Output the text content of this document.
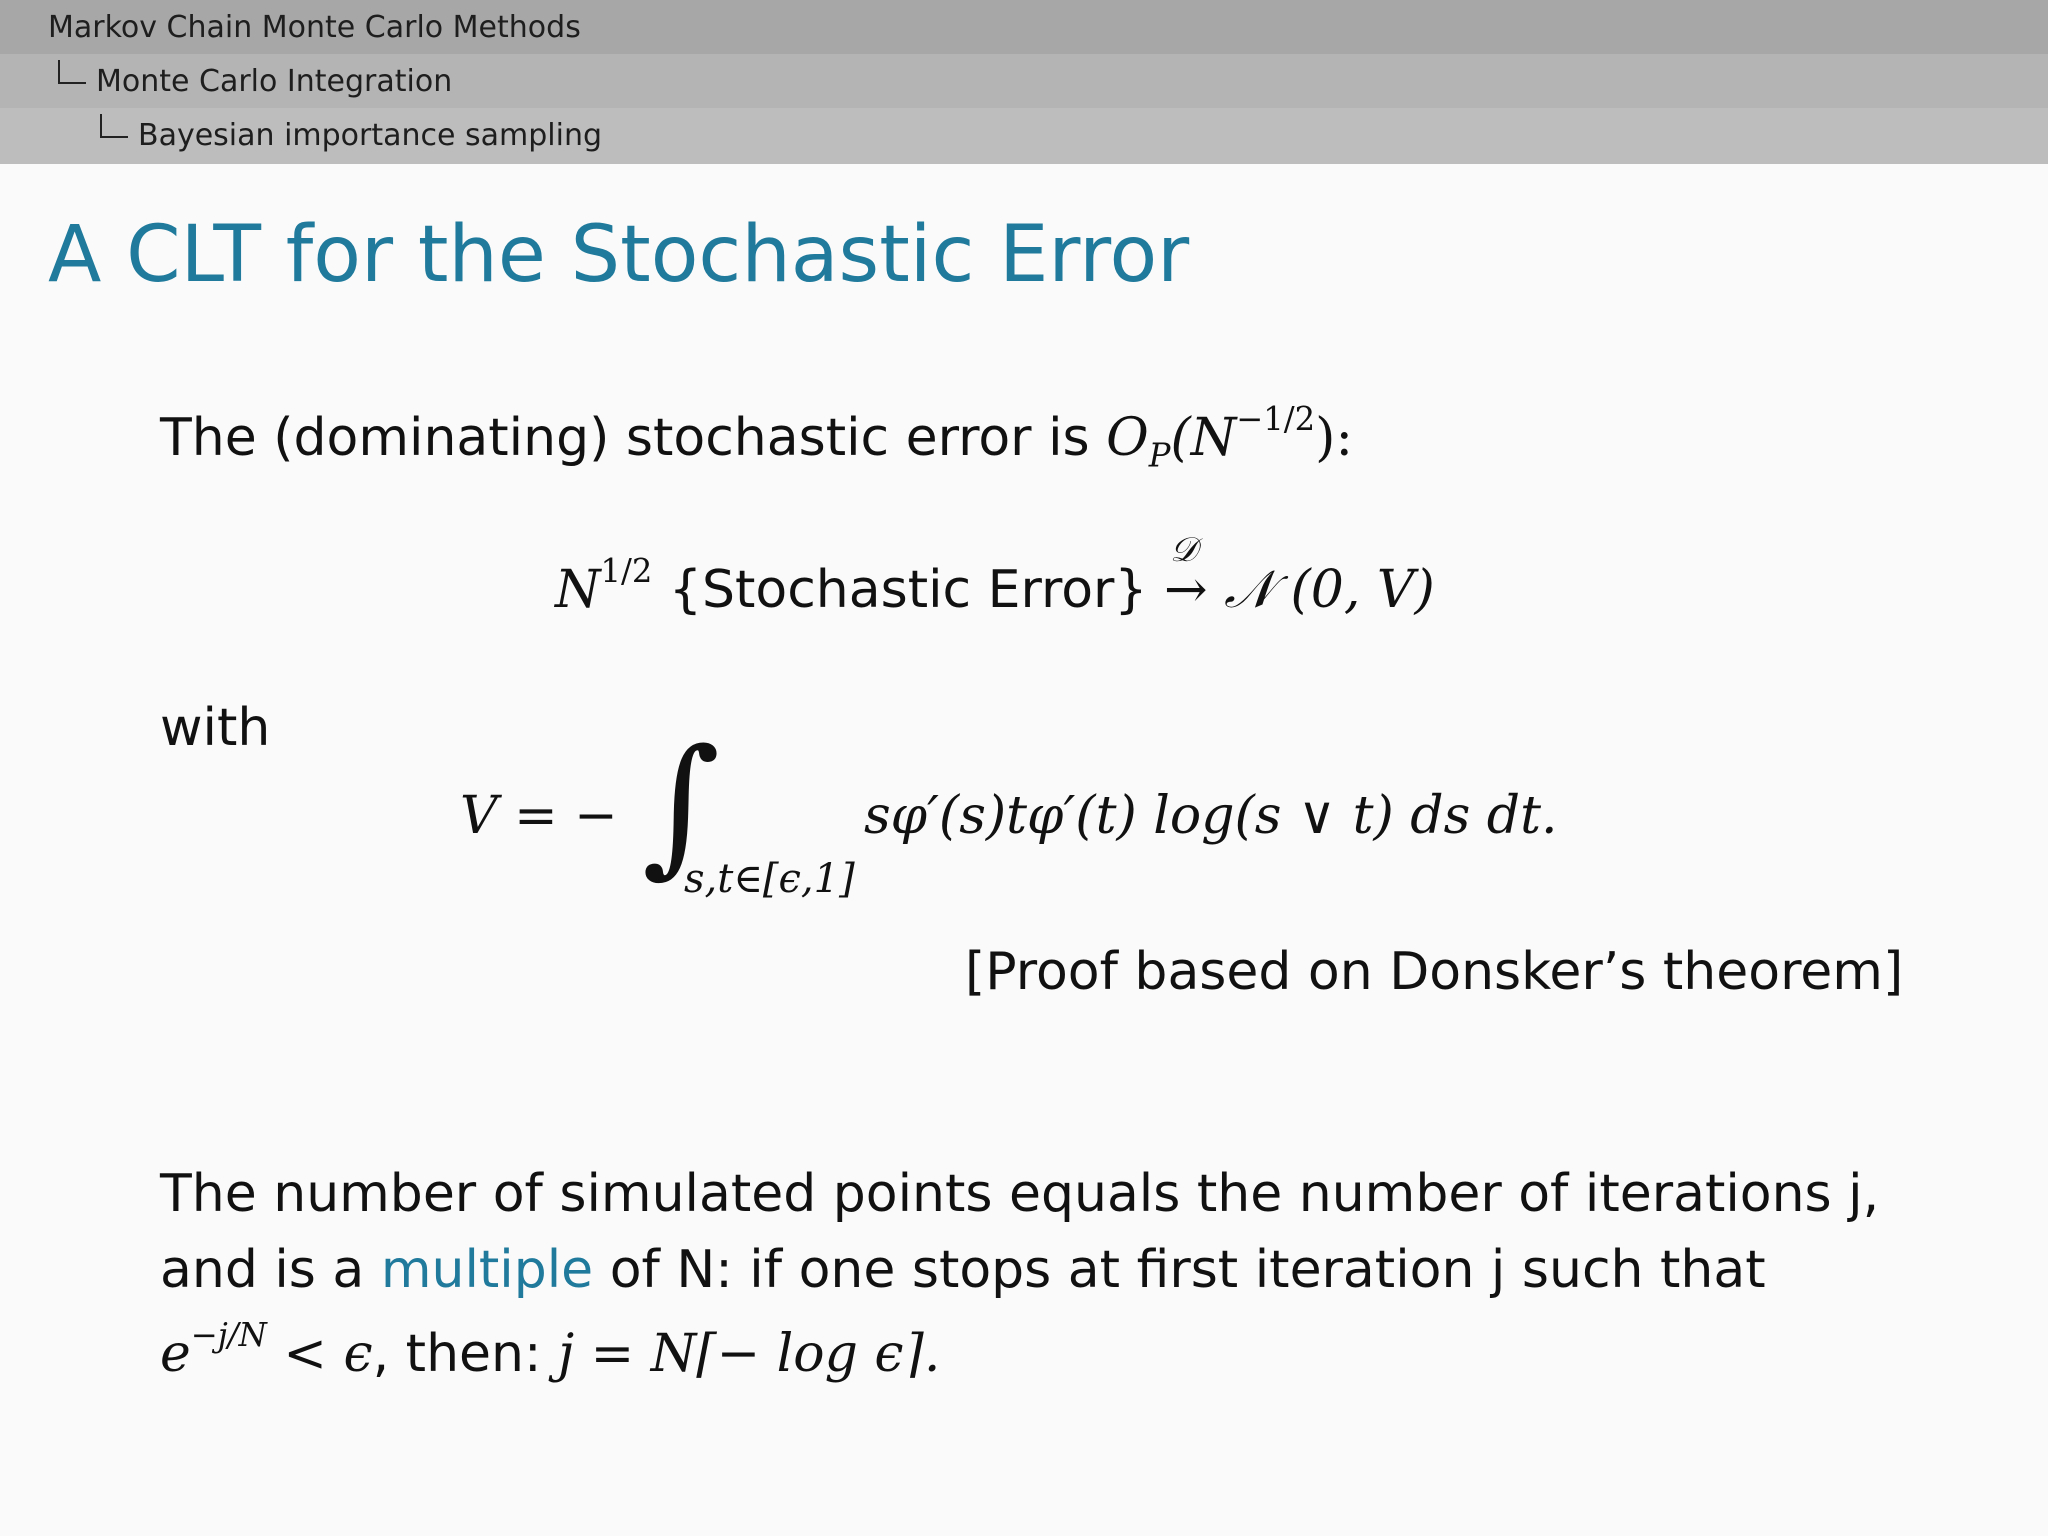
Markov Chain Monte Carlo Methods
Monte Carlo Integration
Bayesian importance sampling
A CLT for the Stochastic Error
The (dominating) stochastic error is $O_P(N^{-1/2})$:
$N^{1/2}$ {Stochastic Error}
𝒟
→ 𝒩 (0, V)
with
V = − ∫
s,t∈[ϵ,1]
sφ′(s)tφ′(t) log(s ∨ t) ds dt.
[Proof based on Donsker’s theorem]
The number of simulated points equals the number of iterations j,
and is a multiple of N: if one stops at first iteration j such that
$e^{-j/N} < \epsilon$, then: j = N⌈− log ϵ⌉.
